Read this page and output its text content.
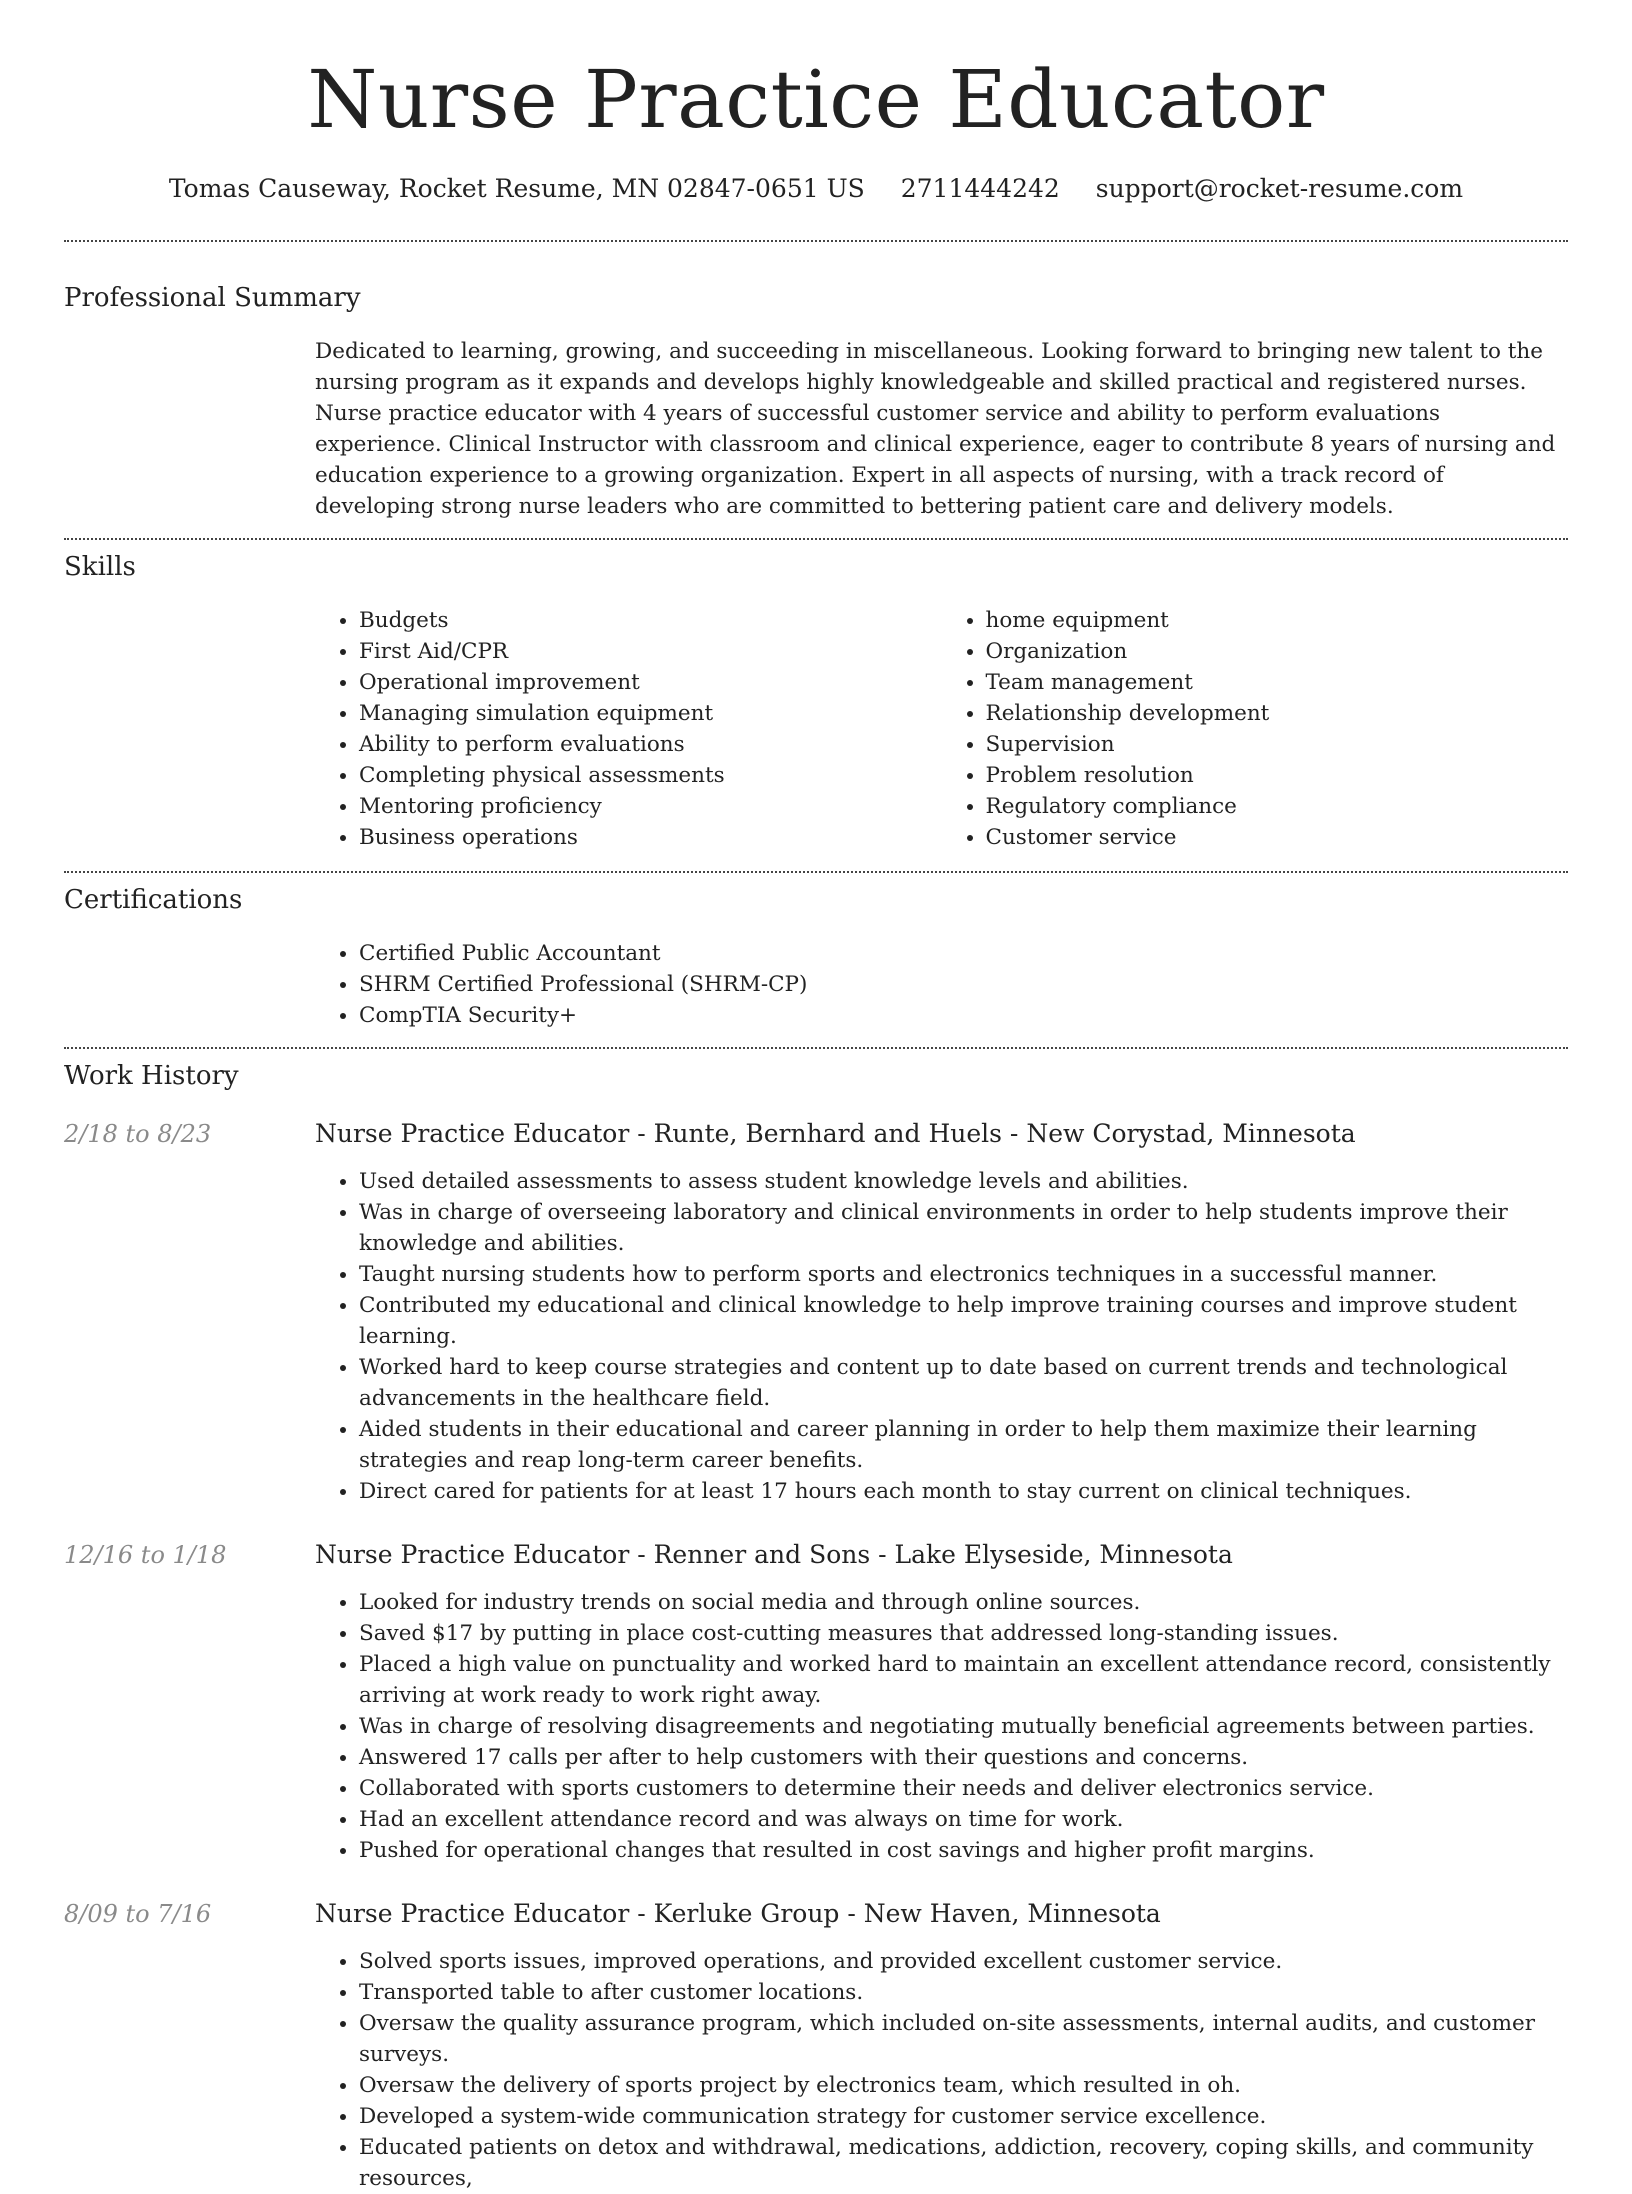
Nurse Practice Educator
Tomas Causeway, Rocket Resume, MN 02847-0651 US 2711444242 support@rocket-resume.com
Professional Summary

Dedicated to learning, growing, and succeeding in miscellaneous. Looking forward to bringing new talent to the nursing program as it expands and develops highly knowledgeable and skilled practical and registered nurses. Nurse practice educator with 4 years of successful customer service and ability to perform evaluations experience. Clinical Instructor with classroom and clinical experience, eager to contribute 8 years of nursing and education experience to a growing organization. Expert in all aspects of nursing, with a track record of developing strong nurse leaders who are committed to bettering patient care and delivery models.

Skills
• Budgets
• First Aid/CPR
• Operational improvement
• Managing simulation equipment
• Ability to perform evaluations
• Completing physical assessments
• Mentoring proficiency
• Business operations
• home equipment
• Organization
• Team management
• Relationship development
• Supervision
• Problem resolution
• Regulatory compliance
• Customer service
Certifications
• Certified Public Accountant
• SHRM Certified Professional (SHRM-CP)
• CompTIA Security+
Work History
2/18 to 8/23	Nurse Practice Educator - Runte, Bernhard and Huels - New Corystad, Minnesota
• Used detailed assessments to assess student knowledge levels and abilities.
• Was in charge of overseeing laboratory and clinical environments in order to help students improve their knowledge and abilities.
• Taught nursing students how to perform sports and electronics techniques in a successful manner.
• Contributed my educational and clinical knowledge to help improve training courses and improve student learning.
• Worked hard to keep course strategies and content up to date based on current trends and technological advancements in the healthcare field.
• Aided students in their educational and career planning in order to help them maximize their learning strategies and reap long-term career benefits.
• Direct cared for patients for at least 17 hours each month to stay current on clinical techniques.
12/16 to 1/18	Nurse Practice Educator - Renner and Sons - Lake Elyseside, Minnesota
• Looked for industry trends on social media and through online sources.
• Saved $17 by putting in place cost-cutting measures that addressed long-standing issues.
• Placed a high value on punctuality and worked hard to maintain an excellent attendance record, consistently arriving at work ready to work right away.
• Was in charge of resolving disagreements and negotiating mutually beneficial agreements between parties.
• Answered 17 calls per after to help customers with their questions and concerns.
• Collaborated with sports customers to determine their needs and deliver electronics service.
• Had an excellent attendance record and was always on time for work.
• Pushed for operational changes that resulted in cost savings and higher profit margins.
8/09 to 7/16	Nurse Practice Educator - Kerluke Group - New Haven, Minnesota
• Solved sports issues, improved operations, and provided excellent customer service.
• Transported table to after customer locations.
• Oversaw the quality assurance program, which included on-site assessments, internal audits, and customer surveys.
• Oversaw the delivery of sports project by electronics team, which resulted in oh.
• Developed a system-wide communication strategy for customer service excellence.
• Educated patients on detox and withdrawal, medications, addiction, recovery, coping skills, and community resources,
